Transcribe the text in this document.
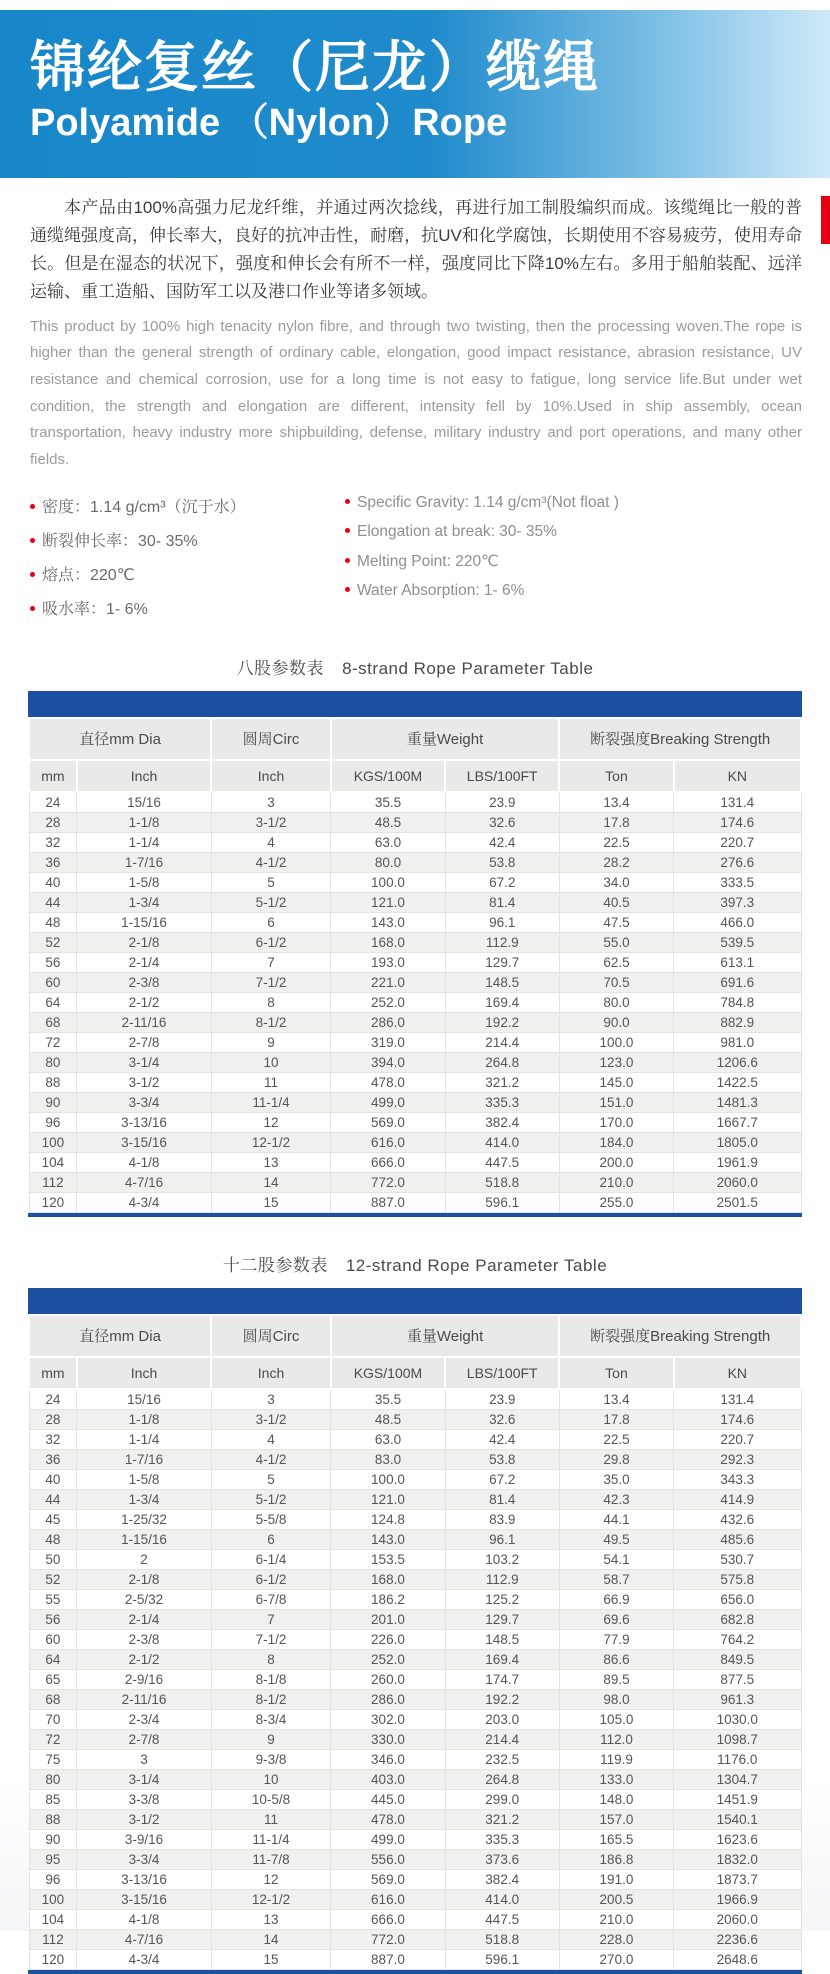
锦纶复丝（尼龙）缆绳
Polyamide （Nylon）Rope

本产品由100%高强力尼龙纤维，并通过两次捻线，再进行加工制股编织而成。该缆绳比一般的普通缆绳强度高，伸长率大，良好的抗冲击性，耐磨，抗UV和化学腐蚀，长期使用不容易疲劳，使用寿命长。但是在湿态的状况下，强度和伸长会有所不一样，强度同比下降10%左右。多用于船舶装配、远洋运输、重工造船、国防军工以及港口作业等诸多领域。

This product by 100% high tenacity nylon fibre, and through two twisting, then the processing woven.The rope is higher than the general strength of ordinary cable, elongation, good impact resistance, abrasion resistance, UV resistance and chemical corrosion, use for a long time is not easy to fatigue, long service life.But under wet condition, the strength and elongation are different, intensity fell by 10%.Used in ship assembly, ocean transportation, heavy industry more shipbuilding, defense, military industry and port operations, and many other fields.

密度：1.14 g/cm³（沉于水）
断裂伸长率：30- 35%
熔点：220℃
吸水率：1- 6%
Specific Gravity: 1.14 g/cm³(Not float )
Elongation at break: 30- 35%
Melting Point: 220℃
Water Absorption: 1- 6%
八股参数表 8-strand Rope Parameter Table
直径mm Dia		圆周Circ	重量Weight		断裂强度Breaking Strength	
mm	Inch	Inch	KGS/100M	LBS/100FT	Ton	KN
24	15/16	3	35.5	23.9	13.4	131.4
28	1-1/8	3-1/2	48.5	32.6	17.8	174.6
32	1-1/4	4	63.0	42.4	22.5	220.7
36	1-7/16	4-1/2	80.0	53.8	28.2	276.6
40	1-5/8	5	100.0	67.2	34.0	333.5
44	1-3/4	5-1/2	121.0	81.4	40.5	397.3
48	1-15/16	6	143.0	96.1	47.5	466.0
52	2-1/8	6-1/2	168.0	112.9	55.0	539.5
56	2-1/4	7	193.0	129.7	62.5	613.1
60	2-3/8	7-1/2	221.0	148.5	70.5	691.6
64	2-1/2	8	252.0	169.4	80.0	784.8
68	2-11/16	8-1/2	286.0	192.2	90.0	882.9
72	2-7/8	9	319.0	214.4	100.0	981.0
80	3-1/4	10	394.0	264.8	123.0	1206.6
88	3-1/2	11	478.0	321.2	145.0	1422.5
90	3-3/4	11-1/4	499.0	335.3	151.0	1481.3
96	3-13/16	12	569.0	382.4	170.0	1667.7
100	3-15/16	12-1/2	616.0	414.0	184.0	1805.0
104	4-1/8	13	666.0	447.5	200.0	1961.9
112	4-7/16	14	772.0	518.8	210.0	2060.0
120	4-3/4	15	887.0	596.1	255.0	2501.5
十二股参数表 12-strand Rope Parameter Table
直径mm Dia		圆周Circ	重量Weight		断裂强度Breaking Strength	
mm	Inch	Inch	KGS/100M	LBS/100FT	Ton	KN
24	15/16	3	35.5	23.9	13.4	131.4
28	1-1/8	3-1/2	48.5	32.6	17.8	174.6
32	1-1/4	4	63.0	42.4	22.5	220.7
36	1-7/16	4-1/2	83.0	53.8	29.8	292.3
40	1-5/8	5	100.0	67.2	35.0	343.3
44	1-3/4	5-1/2	121.0	81.4	42.3	414.9
45	1-25/32	5-5/8	124.8	83.9	44.1	432.6
48	1-15/16	6	143.0	96.1	49.5	485.6
50	2	6-1/4	153.5	103.2	54.1	530.7
52	2-1/8	6-1/2	168.0	112.9	58.7	575.8
55	2-5/32	6-7/8	186.2	125.2	66.9	656.0
56	2-1/4	7	201.0	129.7	69.6	682.8
60	2-3/8	7-1/2	226.0	148.5	77.9	764.2
64	2-1/2	8	252.0	169.4	86.6	849.5
65	2-9/16	8-1/8	260.0	174.7	89.5	877.5
68	2-11/16	8-1/2	286.0	192.2	98.0	961.3
70	2-3/4	8-3/4	302.0	203.0	105.0	1030.0
72	2-7/8	9	330.0	214.4	112.0	1098.7
75	3	9-3/8	346.0	232.5	119.9	1176.0
80	3-1/4	10	403.0	264.8	133.0	1304.7
85	3-3/8	10-5/8	445.0	299.0	148.0	1451.9
88	3-1/2	11	478.0	321.2	157.0	1540.1
90	3-9/16	11-1/4	499.0	335.3	165.5	1623.6
95	3-3/4	11-7/8	556.0	373.6	186.8	1832.0
96	3-13/16	12	569.0	382.4	191.0	1873.7
100	3-15/16	12-1/2	616.0	414.0	200.5	1966.9
104	4-1/8	13	666.0	447.5	210.0	2060.0
112	4-7/16	14	772.0	518.8	228.0	2236.6
120	4-3/4	15	887.0	596.1	270.0	2648.6
